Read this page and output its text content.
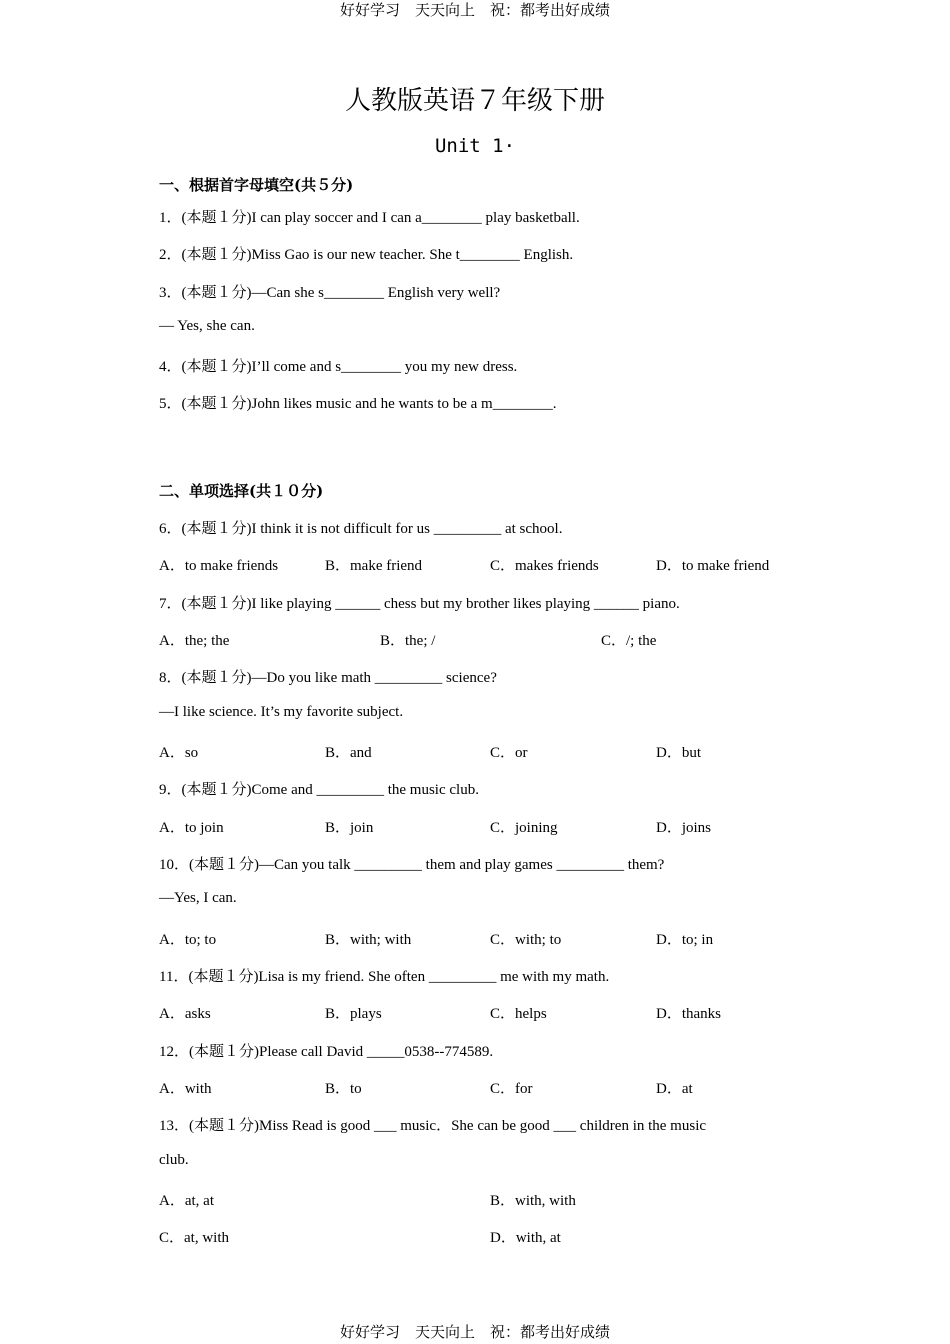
好好学习　天天向上　祝：都考出好成绩
人教版英语７年级下册
Unit 1·
一、根据首字母填空(共５分)
1．(本题１分)I can play soccer and I can a________ play basketball.
2．(本题１分)Miss Gao is our new teacher. She t________ English.
3．(本题１分)—Can she s________ English very well?
— Yes, she can.
4．(本题１分)I’ll come and s________ you my new dress.
5．(本题１分)John likes music and he wants to be a m________.
二、单项选择(共１０分)
6．(本题１分)I think it is not difficult for us _________ at school.
A．to make friends	B．make friend	C．makes friends	D．to make friend
7．(本题１分)I like playing ______ chess but my brother likes playing ______ piano.
A．the; the	B．the; /	C．/; the
8．(本题１分)—Do you like math _________ science?
—I like science. It’s my favorite subject.
A．so	B．and	C．or	D．but
9．(本题１分)Come and _________ the music club.
A．to join	B．join	C．joining	D．joins
10．(本题１分)—Can you talk _________ them and play games _________ them?
—Yes, I can.
A．to; to	B．with; with	C．with; to	D．to; in
11．(本题１分)Lisa is my friend. She often _________ me with my math.
A．asks	B．plays	C．helps	D．thanks
12．(本题１分)Please call David _____0538--774589.
A．with	B．to	C．for	D．at
13．(本题１分)Miss Read is good ___ music．She can be good ___ children in the music
club.
A．at, at	B．with, with
C．at, with	D．with, at
好好学习　天天向上　祝：都考出好成绩
